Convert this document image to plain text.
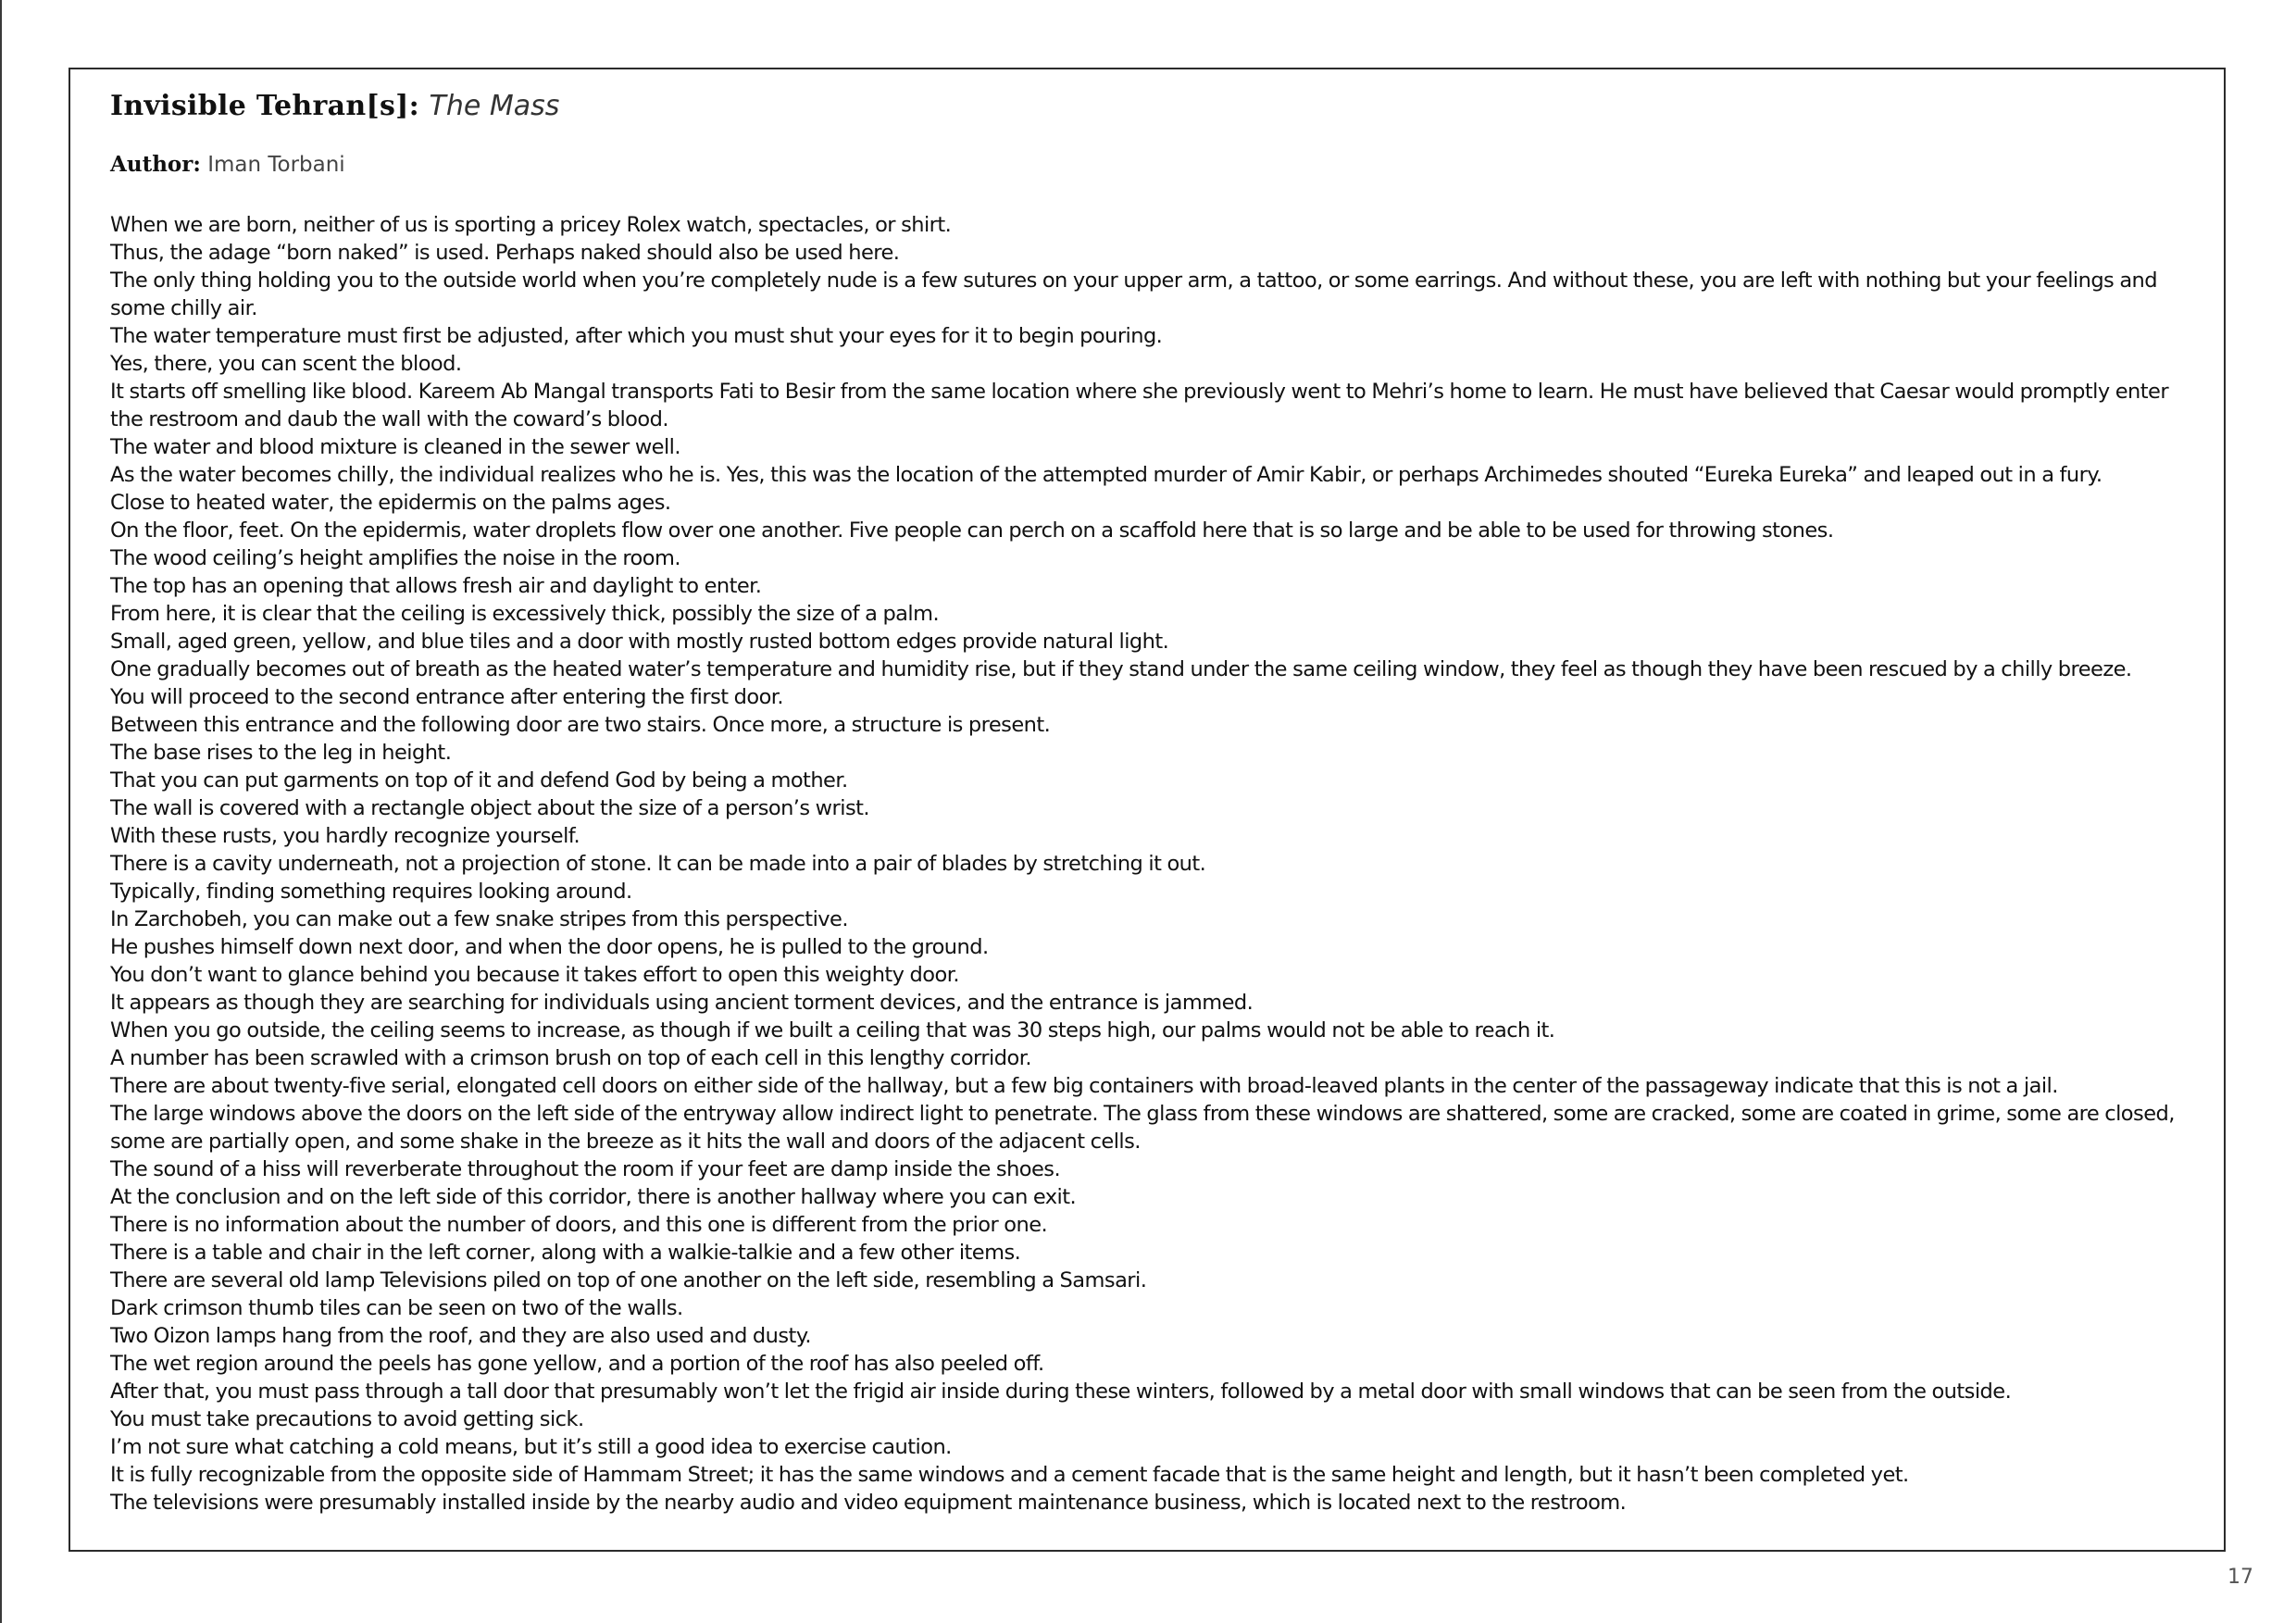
Invisible Tehran[s]: The Mass

Author: Iman Torbani

When we are born, neither of us is sporting a pricey Rolex watch, spectacles, or shirt.
Thus, the adage “born naked” is used. Perhaps naked should also be used here.
The only thing holding you to the outside world when you’re completely nude is a few sutures on your upper arm, a tattoo, or some earrings. And without these, you are left with nothing but your feelings and some chilly air.
The water temperature must first be adjusted, after which you must shut your eyes for it to begin pouring.
Yes, there, you can scent the blood.
It starts off smelling like blood. Kareem Ab Mangal transports Fati to Besir from the same location where she previously went to Mehri’s home to learn. He must have believed that Caesar would promptly enter the restroom and daub the wall with the coward’s blood.
The water and blood mixture is cleaned in the sewer well.
As the water becomes chilly, the individual realizes who he is. Yes, this was the location of the attempted murder of Amir Kabir, or perhaps Archimedes shouted “Eureka Eureka” and leaped out in a fury.
Close to heated water, the epidermis on the palms ages.
On the floor, feet. On the epidermis, water droplets flow over one another. Five people can perch on a scaffold here that is so large and be able to be used for throwing stones.
The wood ceiling’s height amplifies the noise in the room.
The top has an opening that allows fresh air and daylight to enter.
From here, it is clear that the ceiling is excessively thick, possibly the size of a palm.
Small, aged green, yellow, and blue tiles and a door with mostly rusted bottom edges provide natural light.
One gradually becomes out of breath as the heated water’s temperature and humidity rise, but if they stand under the same ceiling window, they feel as though they have been rescued by a chilly breeze.
You will proceed to the second entrance after entering the first door.
Between this entrance and the following door are two stairs. Once more, a structure is present.
The base rises to the leg in height.
That you can put garments on top of it and defend God by being a mother.
The wall is covered with a rectangle object about the size of a person’s wrist.
With these rusts, you hardly recognize yourself.
There is a cavity underneath, not a projection of stone. It can be made into a pair of blades by stretching it out.
Typically, finding something requires looking around.
In Zarchobeh, you can make out a few snake stripes from this perspective.
He pushes himself down next door, and when the door opens, he is pulled to the ground.
You don’t want to glance behind you because it takes effort to open this weighty door.
It appears as though they are searching for individuals using ancient torment devices, and the entrance is jammed.
When you go outside, the ceiling seems to increase, as though if we built a ceiling that was 30 steps high, our palms would not be able to reach it.
A number has been scrawled with a crimson brush on top of each cell in this lengthy corridor.
There are about twenty-five serial, elongated cell doors on either side of the hallway, but a few big containers with broad-leaved plants in the center of the passageway indicate that this is not a jail.
The large windows above the doors on the left side of the entryway allow indirect light to penetrate. The glass from these windows are shattered, some are cracked, some are coated in grime, some are closed, some are partially open, and some shake in the breeze as it hits the wall and doors of the adjacent cells.
The sound of a hiss will reverberate throughout the room if your feet are damp inside the shoes.
At the conclusion and on the left side of this corridor, there is another hallway where you can exit.
There is no information about the number of doors, and this one is different from the prior one.
There is a table and chair in the left corner, along with a walkie-talkie and a few other items.
There are several old lamp Televisions piled on top of one another on the left side, resembling a Samsari.
Dark crimson thumb tiles can be seen on two of the walls.
Two Oizon lamps hang from the roof, and they are also used and dusty.
The wet region around the peels has gone yellow, and a portion of the roof has also peeled off.
After that, you must pass through a tall door that presumably won’t let the frigid air inside during these winters, followed by a metal door with small windows that can be seen from the outside.
You must take precautions to avoid getting sick.
I’m not sure what catching a cold means, but it’s still a good idea to exercise caution.
It is fully recognizable from the opposite side of Hammam Street; it has the same windows and a cement facade that is the same height and length, but it hasn’t been completed yet.
The televisions were presumably installed inside by the nearby audio and video equipment maintenance business, which is located next to the restroom.
17
